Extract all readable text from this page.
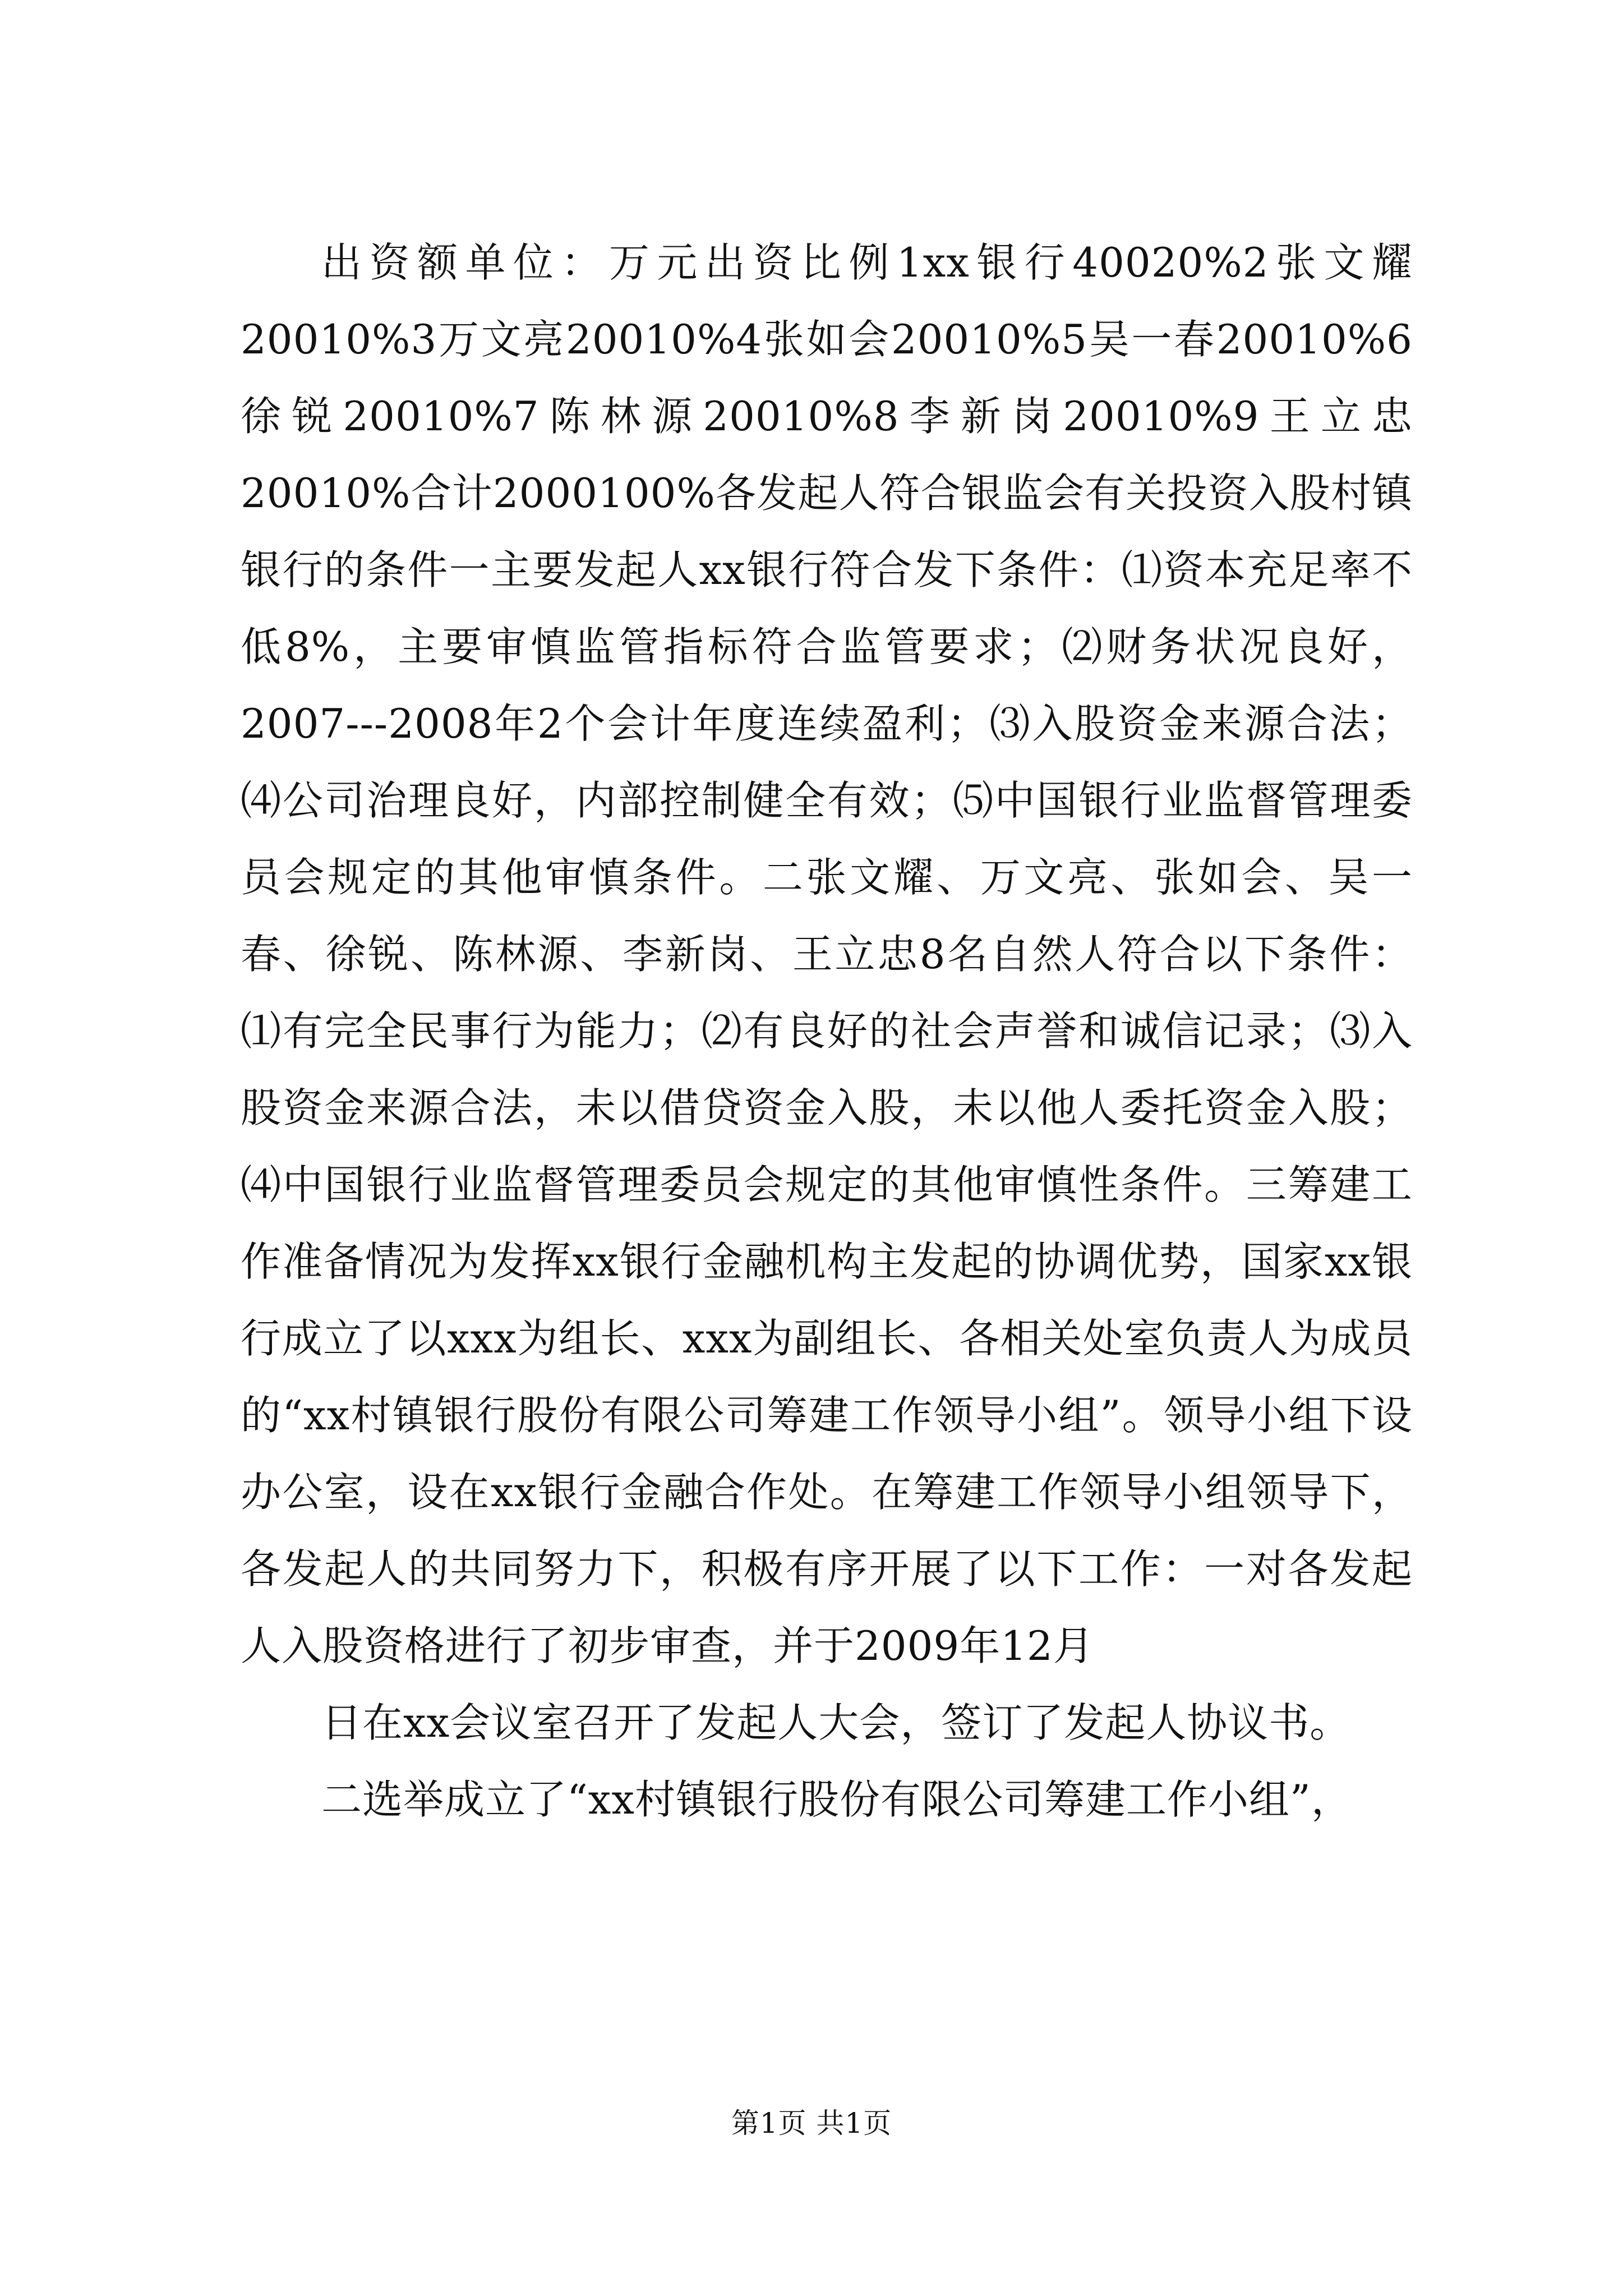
出资额单位：万元出资比例1xx银行40020%2张文耀20010%3万文亮20010%4张如会20010%5吴一春20010%6徐锐20010%7陈林源20010%8李新岗20010%9王立忠20010%合计2000100%各发起人符合银监会有关投资入股村镇银行的条件一主要发起人xx银行符合发下条件：⑴资本充足率不低8%，主要审慎监管指标符合监管要求；⑵财务状况良好，2007---2008年2个会计年度连续盈利；⑶入股资金来源合法；⑷公司治理良好，内部控制健全有效；⑸中国银行业监督管理委员会规定的其他审慎条件。二张文耀、万文亮、张如会、吴一春、徐锐、陈林源、李新岗、王立忠8名自然人符合以下条件：⑴有完全民事行为能力；⑵有良好的社会声誉和诚信记录；⑶入股资金来源合法，未以借贷资金入股，未以他人委托资金入股；⑷中国银行业监督管理委员会规定的其他审慎性条件。三筹建工作准备情况为发挥xx银行金融机构主发起的协调优势，国家xx银行成立了以xxx为组长、xxx为副组长、各相关处室负责人为成员的“xx村镇银行股份有限公司筹建工作领导小组”。领导小组下设办公室，设在xx银行金融合作处。在筹建工作领导小组领导下，各发起人的共同努力下，积极有序开展了以下工作：一对各发起人入股资格进行了初步审查，并于2009年12月

日在xx会议室召开了发起人大会，签订了发起人协议书。

二选举成立了“xx村镇银行股份有限公司筹建工作小组”，

第1页 共1页
